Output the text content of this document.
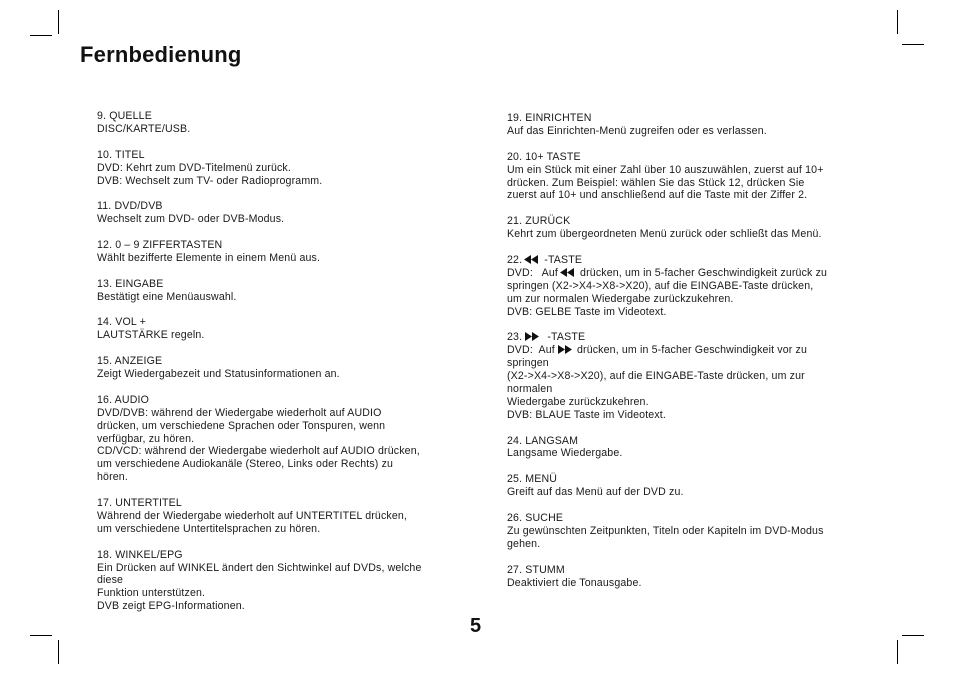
Fernbedienung
9. QUELLE
DISC/KARTE/USB.
10. TITEL
DVD: Kehrt zum DVD-Titelmenü zurück.
DVB: Wechselt zum TV- oder Radioprogramm.
11. DVD/DVB
Wechselt zum DVD- oder DVB-Modus.
12. 0 – 9 ZIFFERTASTEN
Wählt bezifferte Elemente in einem Menü aus.
13. EINGABE
Bestätigt eine Menüauswahl.
14. VOL +
LAUTSTÄRKE regeln.
15. ANZEIGE
Zeigt Wiedergabezeit und Statusinformationen an.
16. AUDIO
DVD/DVB: während der Wiedergabe wiederholt auf AUDIO
drücken, um verschiedene Sprachen oder Tonspuren, wenn
verfügbar, zu hören.
CD/VCD: während der Wiedergabe wiederholt auf AUDIO drücken,
um verschiedene Audiokanäle (Stereo, Links oder Rechts) zu
hören.
17. UNTERTITEL
Während der Wiedergabe wiederholt auf UNTERTITEL drücken,
um verschiedene Untertitelsprachen zu hören.
18. WINKEL/EPG
Ein Drücken auf WINKEL ändert den Sichtwinkel auf DVDs, welche
diese
Funktion unterstützen.
DVB zeigt EPG-Informationen.
19. EINRICHTEN
Auf das Einrichten-Menü zugreifen oder es verlassen.
20. 10+ TASTE
Um ein Stück mit einer Zahl über 10 auszuwählen, zuerst auf 10+
drücken. Zum Beispiel: wählen Sie das Stück 12, drücken Sie
zuerst auf 10+ und anschließend auf die Taste mit der Ziffer 2.
21. ZURÜCK
Kehrt zum übergeordneten Menü zurück oder schließt das Menü.
22. -TASTE
DVD:   Auf drücken, um in 5-facher Geschwindigkeit zurück zu
springen (X2->X4->X8->X20), auf die EINGABE-Taste drücken,
um zur normalen Wiedergabe zurückzukehren.
DVB: GELBE Taste im Videotext.
23.  -TASTE
DVD:  Auf drücken, um in 5-facher Geschwindigkeit vor zu
springen
(X2->X4->X8->X20), auf die EINGABE-Taste drücken, um zur
normalen
Wiedergabe zurückzukehren.
DVB: BLAUE Taste im Videotext.
24. LANGSAM
Langsame Wiedergabe.
25. MENÜ
Greift auf das Menü auf der DVD zu.
26. SUCHE
Zu gewünschten Zeitpunkten, Titeln oder Kapiteln im DVD-Modus
gehen.
27. STUMM
Deaktiviert die Tonausgabe.
5
